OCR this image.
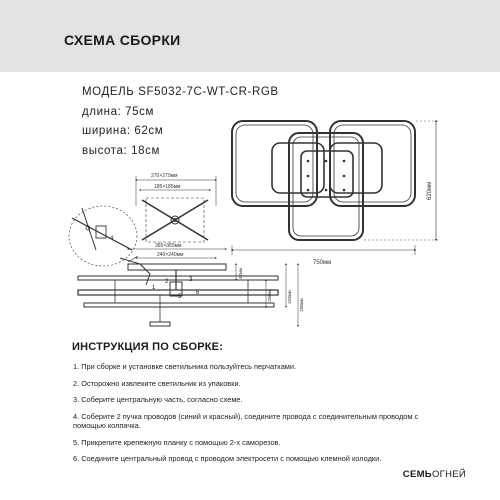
СХЕМА СБОРКИ
МОДЕЛЬ SF5032-7C-WT-CR-RGB
длина: 75см
ширина: 62см
высота: 18см
750мм
620мм
270×270мм
185×185мм
365×365мм
240×240мм
47мм
120мм	163мм
180мм
1
2	3
4
5
6
ИНСТРУКЦИЯ ПО СБОРКЕ:
1. При сборке и установке светильника пользуйтесь перчатками.
2. Осторожно извлеките светильник из упаковки.
3. Соберите центральную часть, согласно схеме.
4. Соберите 2 пучка проводов (синий и красный), соедините провода с соединительным проводом с помощью колпачка.
5. Прикрепите крепежную планку с помощью 2-х саморезов.
6. Соедините центральный провод с проводом электросети с помощью клемной колодки.
СЕМЬОГНЕЙ
